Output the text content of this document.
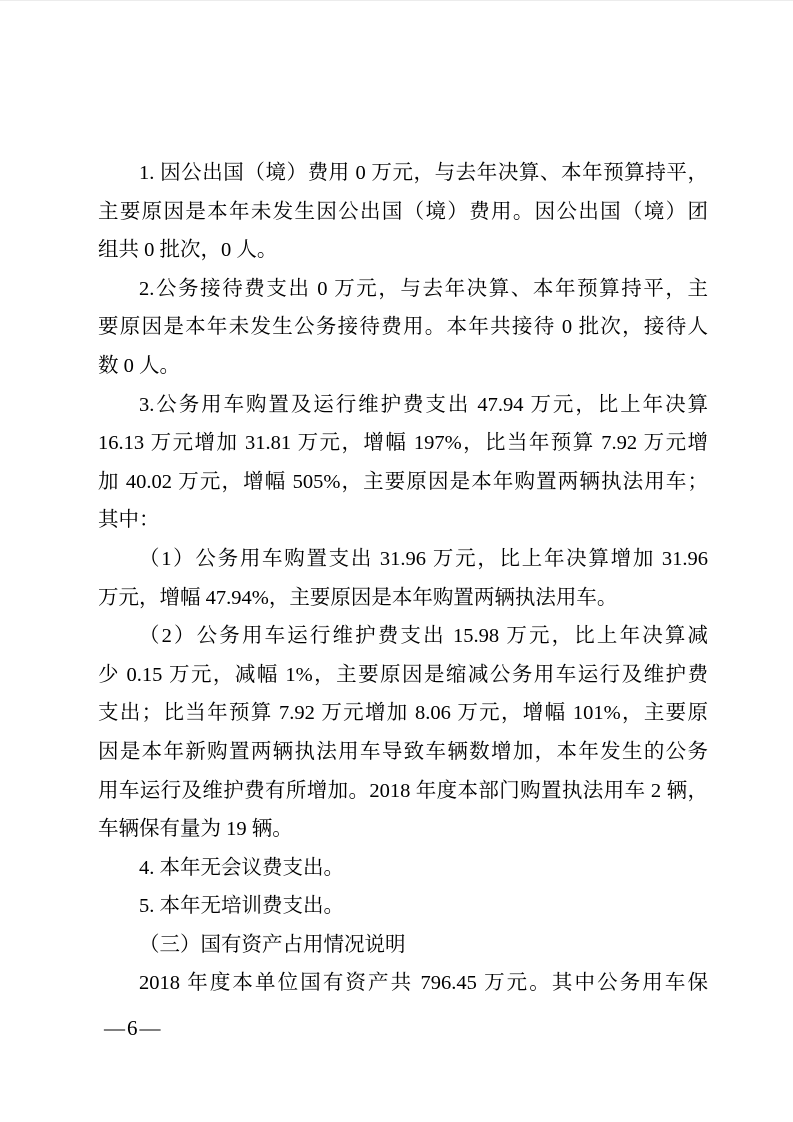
1. 因公出国（境）费用 0 万元，与去年决算、本年预算持平，
主要原因是本年未发生因公出国（境）费用。因公出国（境）团
组共 0 批次，0 人。
2.公务接待费支出 0 万元，与去年决算、本年预算持平，主
要原因是本年未发生公务接待费用。本年共接待 0 批次，接待人
数 0 人。
3.公务用车购置及运行维护费支出 47.94 万元，比上年决算
16.13 万元增加 31.81 万元，增幅 197%，比当年预算 7.92 万元增
加 40.02 万元，增幅 505%，主要原因是本年购置两辆执法用车；
其中：
（1）公务用车购置支出 31.96 万元，比上年决算增加 31.96
万元，增幅 47.94%，主要原因是本年购置两辆执法用车。
（2）公务用车运行维护费支出 15.98 万元，比上年决算减
少 0.15 万元，减幅 1%，主要原因是缩减公务用车运行及维护费
支出；比当年预算 7.92 万元增加 8.06 万元，增幅 101%，主要原
因是本年新购置两辆执法用车导致车辆数增加，本年发生的公务
用车运行及维护费有所增加。2018 年度本部门购置执法用车 2 辆，
车辆保有量为 19 辆。
4. 本年无会议费支出。
5. 本年无培训费支出。
（三）国有资产占用情况说明
2018 年度本单位国有资产共 796.45 万元。其中公务用车保
—6—
